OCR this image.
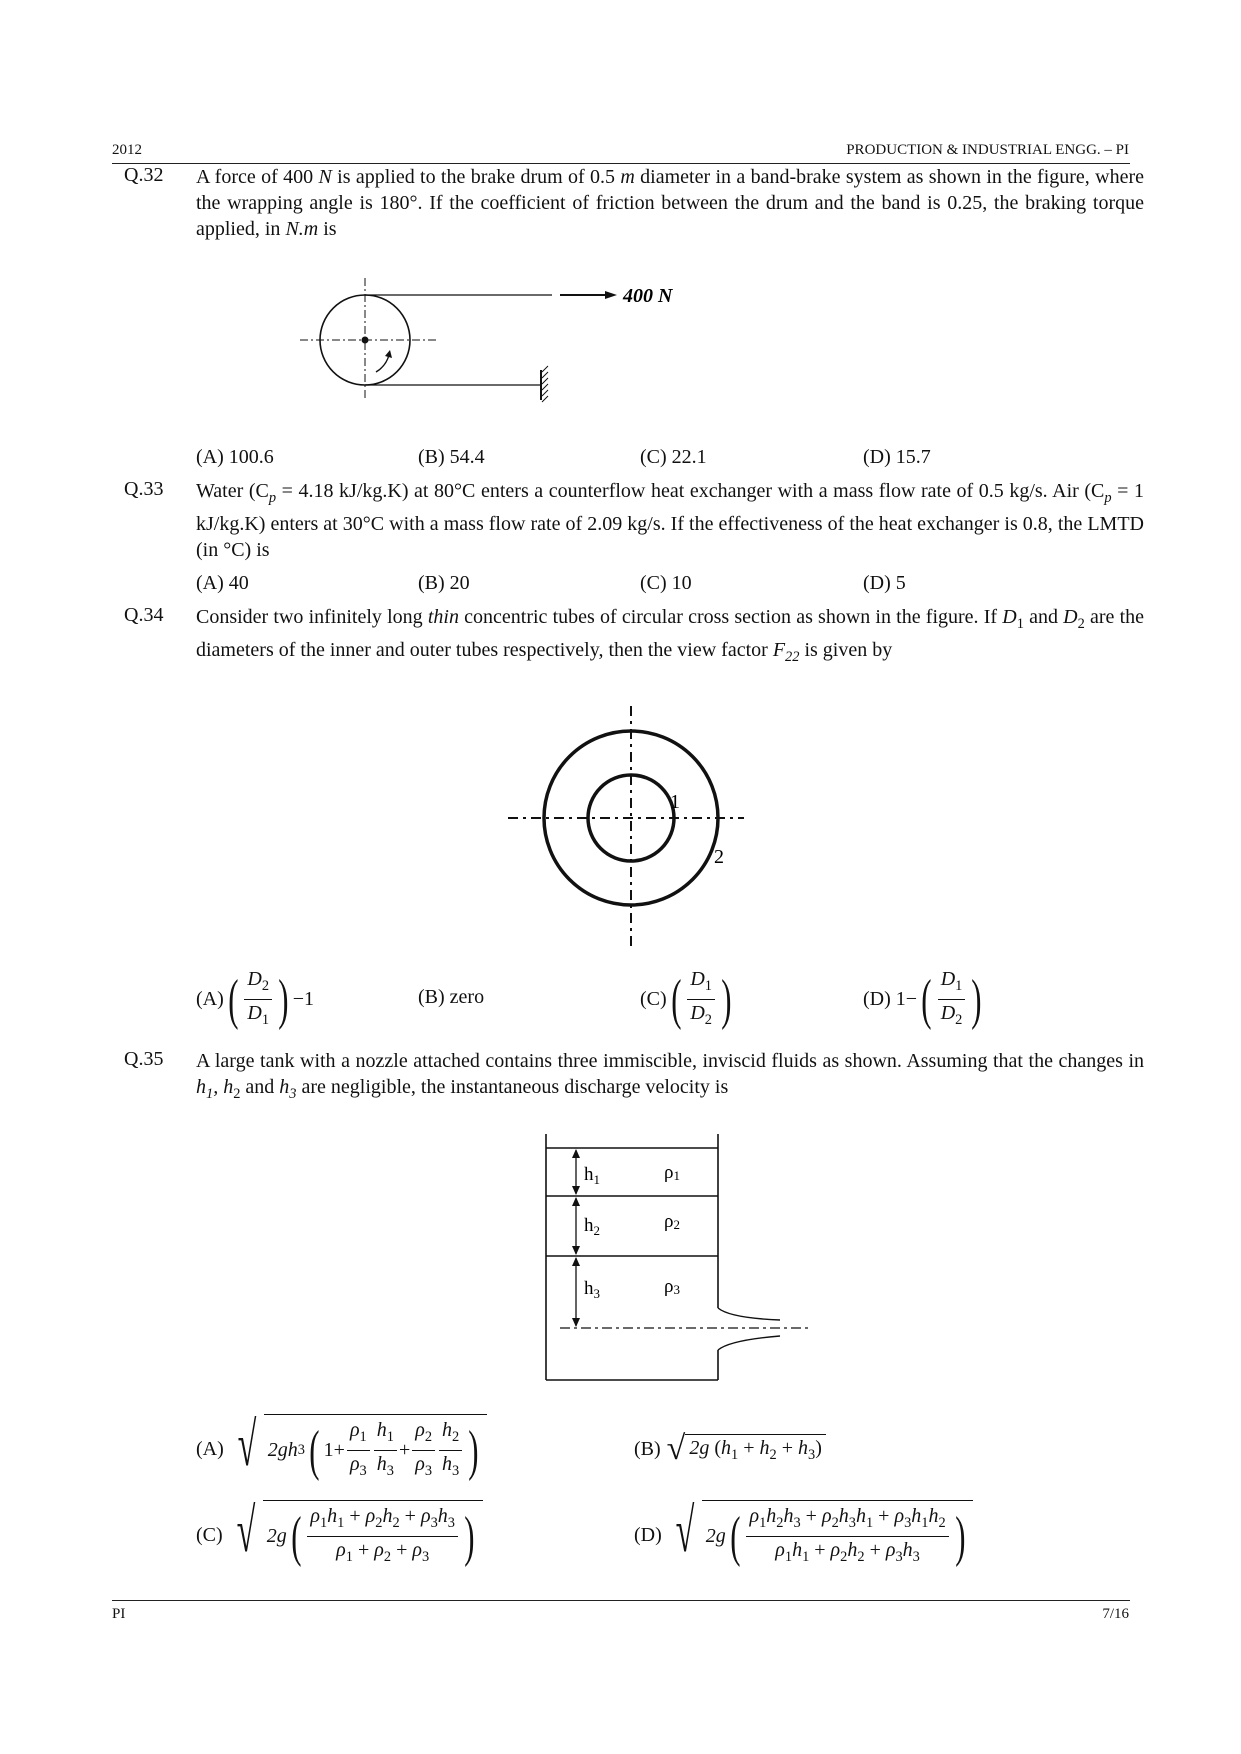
2012	PRODUCTION & INDUSTRIAL ENGG. – PI
Q.32 A force of 400 N is applied to the brake drum of 0.5 m diameter in a band-brake system as shown in the figure, where the wrapping angle is 180°. If the coefficient of friction between the drum and the band is 0.25, the braking torque applied, in N.m is
400 N
(A) 100.6	(B) 54.4	(C) 22.1	(D) 15.7
Q.33 Water ($C_p = 4.18$ kJ/kg.K) at 80°C enters a counterflow heat exchanger with a mass flow rate of 0.5 kg/s. Air ($C_p = 1$ kJ/kg.K) enters at 30°C with a mass flow rate of 2.09 kg/s. If the effectiveness of the heat exchanger is 0.8, the LMTD (in °C) is
(A) 40	(B) 20	(C) 10	(D) 5
Q.34 Consider two infinitely long thin concentric tubes of circular cross section as shown in the figure. If $D_1$ and $D_2$ are the diameters of the inner and outer tubes respectively, then the view factor $F_{22}$ is given by
1
2
(A) ( $\frac{D_2}{D_1}$ ) −1	(B) zero	(C) ( $\frac{D_1}{D_2}$ )	(D) 1− ( $\frac{D_1}{D_2}$ )
Q.35 A large tank with a nozzle attached contains three immiscible, inviscid fluids as shown. Assuming that the changes in $h_1$, $h_2$ and $h_3$ are negligible, the instantaneous discharge velocity is
$h_1$	ρ1
$h_2$	ρ2
$h_3$	ρ3
(A) √ 2gh 3 ( $1+ \frac{\rho_1}{\rho_3} \frac{h_1}{h_3} + \frac{\rho_2}{\rho_3} \frac{h_2}{h_3}$ )	(B) √ 2g $(h_1 + h_2 + h_3)$
(C) √ 2g ( $\frac{\rho_1h_1 + \rho_2h_2 + \rho_3h_3}{\rho_1 + \rho_2 + \rho_3}$ )	(D) √ 2g ( $\frac{\rho_1h_2h_3 + \rho_2h_3h_1 + \rho_3h_1h_2}{\rho_1h_1 + \rho_2h_2 + \rho_3h_3}$ )
PI	7/16
